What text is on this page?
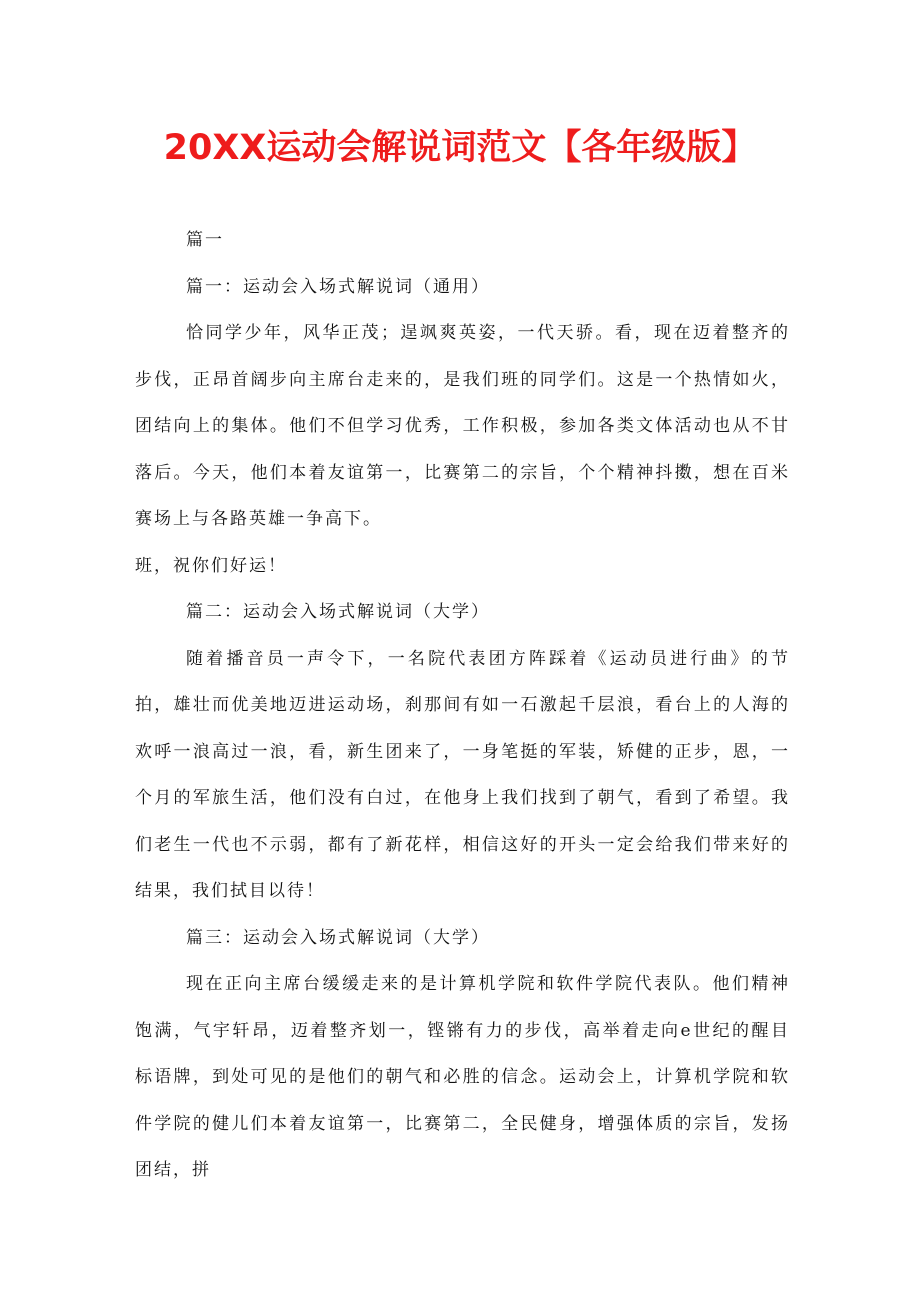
20XX运动会解说词范文【各年级版】

篇一

篇一：运动会入场式解说词（通用）

恰同学少年，风华正茂；逞飒爽英姿，一代天骄。看，现在迈着整齐的步伐，正昂首阔步向主席台走来的，是我们班的同学们。这是一个热情如火，团结向上的集体。他们不但学习优秀，工作积极，参加各类文体活动也从不甘落后。今天，他们本着友谊第一，比赛第二的宗旨，个个精神抖擞，想在百米赛场上与各路英雄一争高下。

班，祝你们好运！

篇二：运动会入场式解说词（大学）

随着播音员一声令下，一名院代表团方阵踩着《运动员进行曲》的节拍，雄壮而优美地迈进运动场，刹那间有如一石激起千层浪，看台上的人海的欢呼一浪高过一浪，看，新生团来了，一身笔挺的军装，矫健的正步，恩，一个月的军旅生活，他们没有白过，在他身上我们找到了朝气，看到了希望。我们老生一代也不示弱，都有了新花样，相信这好的开头一定会给我们带来好的结果，我们拭目以待！

篇三：运动会入场式解说词（大学）

现在正向主席台缓缓走来的是计算机学院和软件学院代表队。他们精神饱满，气宇轩昂，迈着整齐划一，铿锵有力的步伐，高举着走向e世纪的醒目标语牌，到处可见的是他们的朝气和必胜的信念。运动会上，计算机学院和软件学院的健儿们本着友谊第一，比赛第二，全民健身，增强体质的宗旨，发扬团结，拼
